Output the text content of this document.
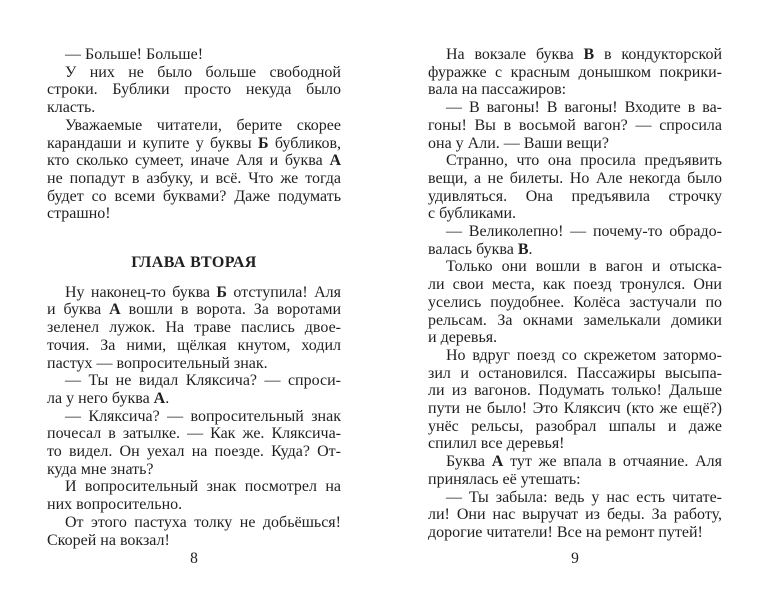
— Больше! Больше!
У них не было больше свободной
строки. Бублики просто некуда было
класть.
Уважаемые читатели, берите скорее
карандаши и купите у буквы Б бубликов,
кто сколько сумеет, иначе Аля и буква А
не попадут в азбуку, и всё. Что же тогда
будет со всеми буквами? Даже подумать
страшно!
ГЛАВА ВТОРАЯ
Ну наконец-то буква Б отступила! Аля
и буква А вошли в ворота. За воротами
зеленел лужок. На траве паслись двое-
точия. За ними, щёлкая кнутом, ходил
пастух — вопросительный знак.
— Ты не видал Кляксича? — спроси-
ла у него буква А.
— Кляксича? — вопросительный знак
почесал в затылке. — Как же. Кляксича-
то видел. Он уехал на поезде. Куда? От-
куда мне знать?
И вопросительный знак посмотрел на
них вопросительно.
От этого пастуха толку не добьёшься!
Скорей на вокзал!
На вокзале буква В в кондукторской
фуражке с красным донышком покрики-
вала на пассажиров:
— В вагоны! В вагоны! Входите в ва-
гоны! Вы в восьмой вагон? — спросила
она у Али. — Ваши вещи?
Странно, что она просила предъявить
вещи, а не билеты. Но Але некогда было
удивляться. Она предъявила строчку
с бубликами.
— Великолепно! — почему-то обрадо-
валась буква В.
Только они вошли в вагон и отыска-
ли свои места, как поезд тронулся. Они
уселись поудобнее. Колёса застучали по
рельсам. За окнами замелькали домики
и деревья.
Но вдруг поезд со скрежетом затормо-
зил и остановился. Пассажиры высыпа-
ли из вагонов. Подумать только! Дальше
пути не было! Это Кляксич (кто же ещё?)
унёс рельсы, разобрал шпалы и даже
спилил все деревья!
Буква А тут же впала в отчаяние. Аля
принялась её утешать:
— Ты забыла: ведь у нас есть читате-
ли! Они нас выручат из беды. За работу,
дорогие читатели! Все на ремонт путей!
8	9
